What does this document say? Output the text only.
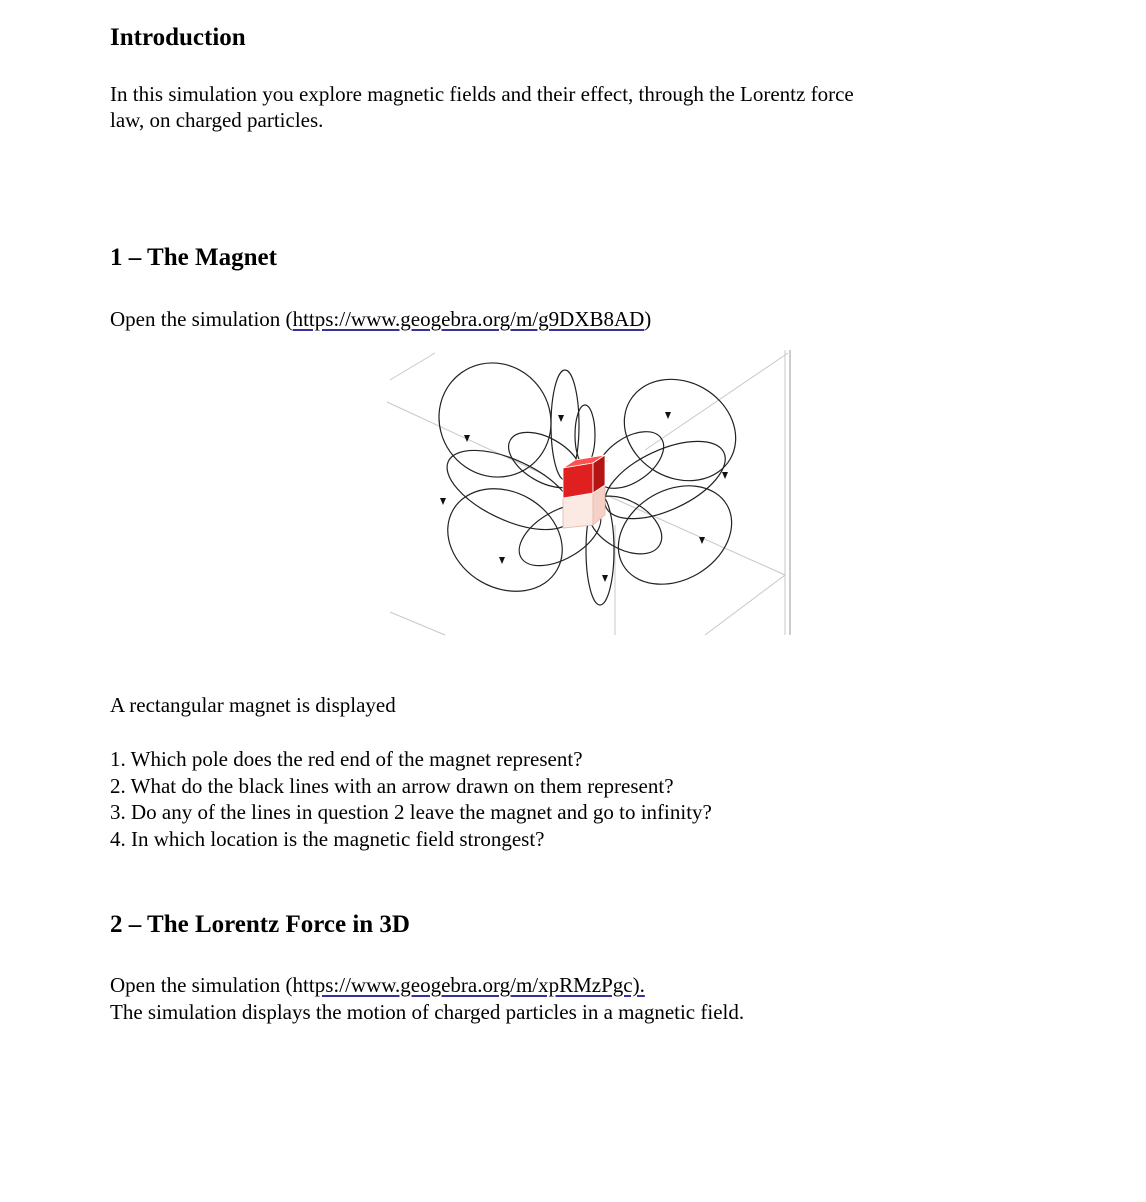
Introduction

In this simulation you explore magnetic fields and their effect, through the Lorentz force

law, on charged particles.

1 – The Magnet

Open the simulation (https://www.geogebra.org/m/g9DXB8AD)

A rectangular magnet is displayed

1. Which pole does the red end of the magnet represent?
2. What do the black lines with an arrow drawn on them represent?
3. Do any of the lines in question 2 leave the magnet and go to infinity?
4. In which location is the magnetic field strongest?
2 – The Lorentz Force in 3D

Open the simulation (https://www.geogebra.org/m/xpRMzPgc).

The simulation displays the motion of charged particles in a magnetic field.
